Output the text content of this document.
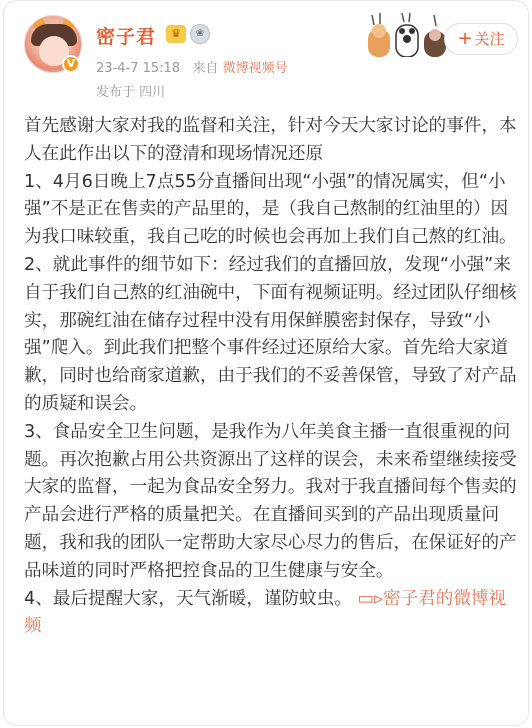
V
密子君	♛	❀
23-4-7 15:18 来自 微博视频号
发布于 四川
+ 关注

首先感谢大家对我的监督和关注，针对今天大家讨论的事件，本人在此作出以下的澄清和现场情况还原

1、4月6日晚上7点55分直播间出现“小强”的情况属实，但“小强”不是正在售卖的产品里的，是（我自己熬制的红油里的）因为我口味较重，我自己吃的时候也会再加上我们自己熬的红油。

2、就此事件的细节如下：经过我们的直播回放，发现“小强”来自于我们自己熬的红油碗中，下面有视频证明。经过团队仔细核实，那碗红油在储存过程中没有用保鲜膜密封保存，导致“小强”爬入。到此我们把整个事件经过还原给大家。首先给大家道歉，同时也给商家道歉，由于我们的不妥善保管，导致了对产品的质疑和误会。

3、食品安全卫生问题，是我作为八年美食主播一直很重视的问题。再次抱歉占用公共资源出了这样的误会，未来希望继续接受大家的监督，一起为食品安全努力。我对于我直播间每个售卖的产品会进行严格的质量把关。在直播间买到的产品出现质量问题，我和我的团队一定帮助大家尽心尽力的售后，在保证好的产品味道的同时严格把控食品的卫生健康与安全。

4、最后提醒大家，天气渐暖，谨防蚊虫。 ▭▹密子君的微博视频
